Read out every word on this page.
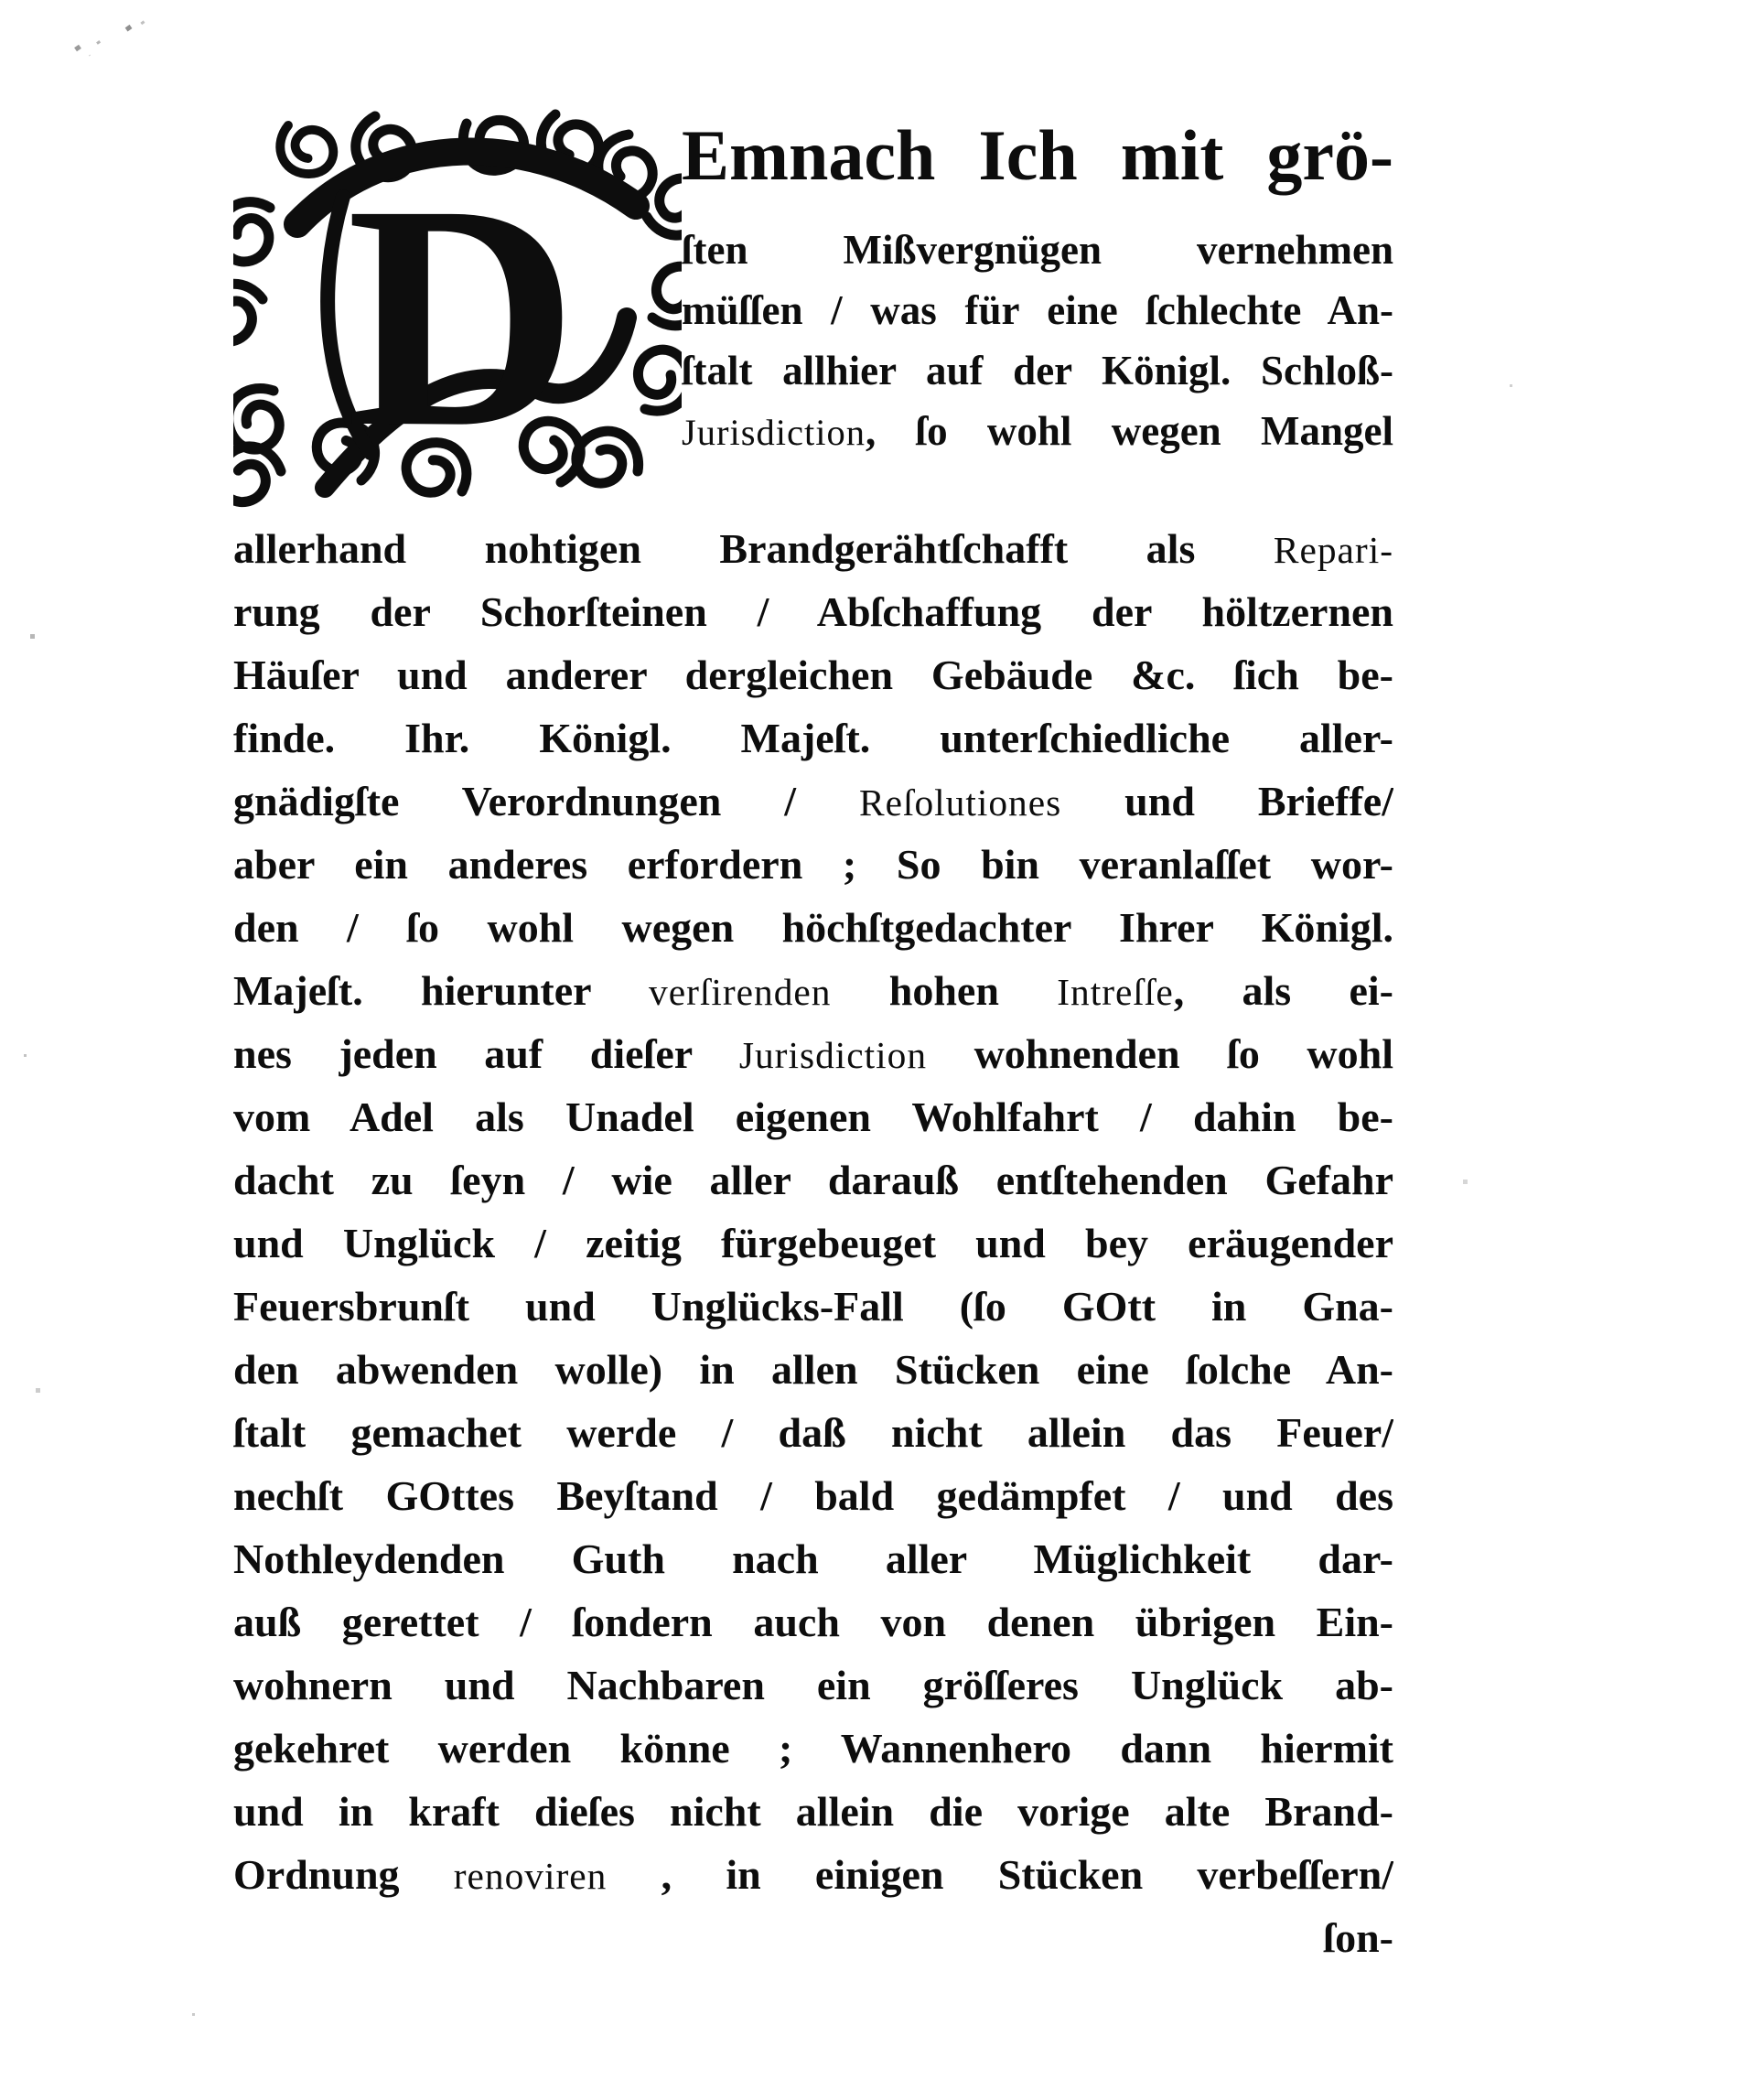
D Emnach Ich mit grö-
ſten Mißvergnügen vernehmen
müſſen / was für eine ſchlechte An-
ſtalt allhier auf der Königl. Schloß-
Jurisdiction, ſo wohl wegen Mangel
allerhand nohtigen Brandgerähtſchafft als Repari-
rung der Schorſteinen / Abſchaffung der höltzernen
Häuſer und anderer dergleichen Gebäude &c. ſich be-
finde. Ihr. Königl. Majeſt. unterſchiedliche aller-
gnädigſte Verordnungen / Reſolutiones und Brieffe/
aber ein anderes erfordern ; So bin veranlaſſet wor-
den / ſo wohl wegen höchſtgedachter Ihrer Königl.
Majeſt. hierunter verſirenden hohen Intreſſe, als ei-
nes jeden auf dieſer Jurisdiction wohnenden ſo wohl
vom Adel als Unadel eigenen Wohlfahrt / dahin be-
dacht zu ſeyn / wie aller darauß entſtehenden Gefahr
und Unglück / zeitig fürgebeuget und bey eräugender
Feuersbrunſt und Unglücks-Fall (ſo GOtt in Gna-
den abwenden wolle) in allen Stücken eine ſolche An-
ſtalt gemachet werde / daß nicht allein das Feuer/
nechſt GOttes Beyſtand / bald gedämpfet / und des
Nothleydenden Guth nach aller Müglichkeit dar-
auß gerettet / ſondern auch von denen übrigen Ein-
wohnern und Nachbaren ein gröſſeres Unglück ab-
gekehret werden könne ; Wannenhero dann hiermit
und in kraft dieſes nicht allein die vorige alte Brand-
Ordnung renoviren , in einigen Stücken verbeſſern/
ſon-
